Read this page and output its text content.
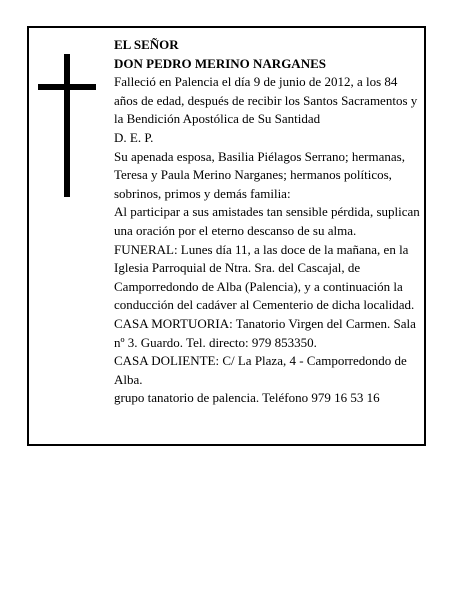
EL SEÑOR

DON PEDRO MERINO NARGANES

Falleció en Palencia el día 9 de junio de 2012, a los 84 años de edad, después de recibir los Santos Sacramentos y la Bendición Apostólica de Su Santidad

D. E. P.

Su apenada esposa, Basilia Piélagos Serrano; hermanas, Teresa y Paula Merino Narganes; hermanos políticos, sobrinos, primos y demás familia:

Al participar a sus amistades tan sensible pérdida, suplican una oración por el eterno descanso de su alma.

FUNERAL: Lunes día 11, a las doce de la mañana, en la Iglesia Parroquial de Ntra. Sra. del Cascajal, de Camporredondo de Alba (Palencia), y a continuación la conducción del cadáver al Cementerio de dicha localidad.

CASA MORTUORIA: Tanatorio Virgen del Carmen. Sala nº 3. Guardo. Tel. directo: 979 853350.

CASA DOLIENTE: C/ La Plaza, 4 - Camporredondo de Alba.

grupo tanatorio de palencia. Teléfono 979 16 53 16
